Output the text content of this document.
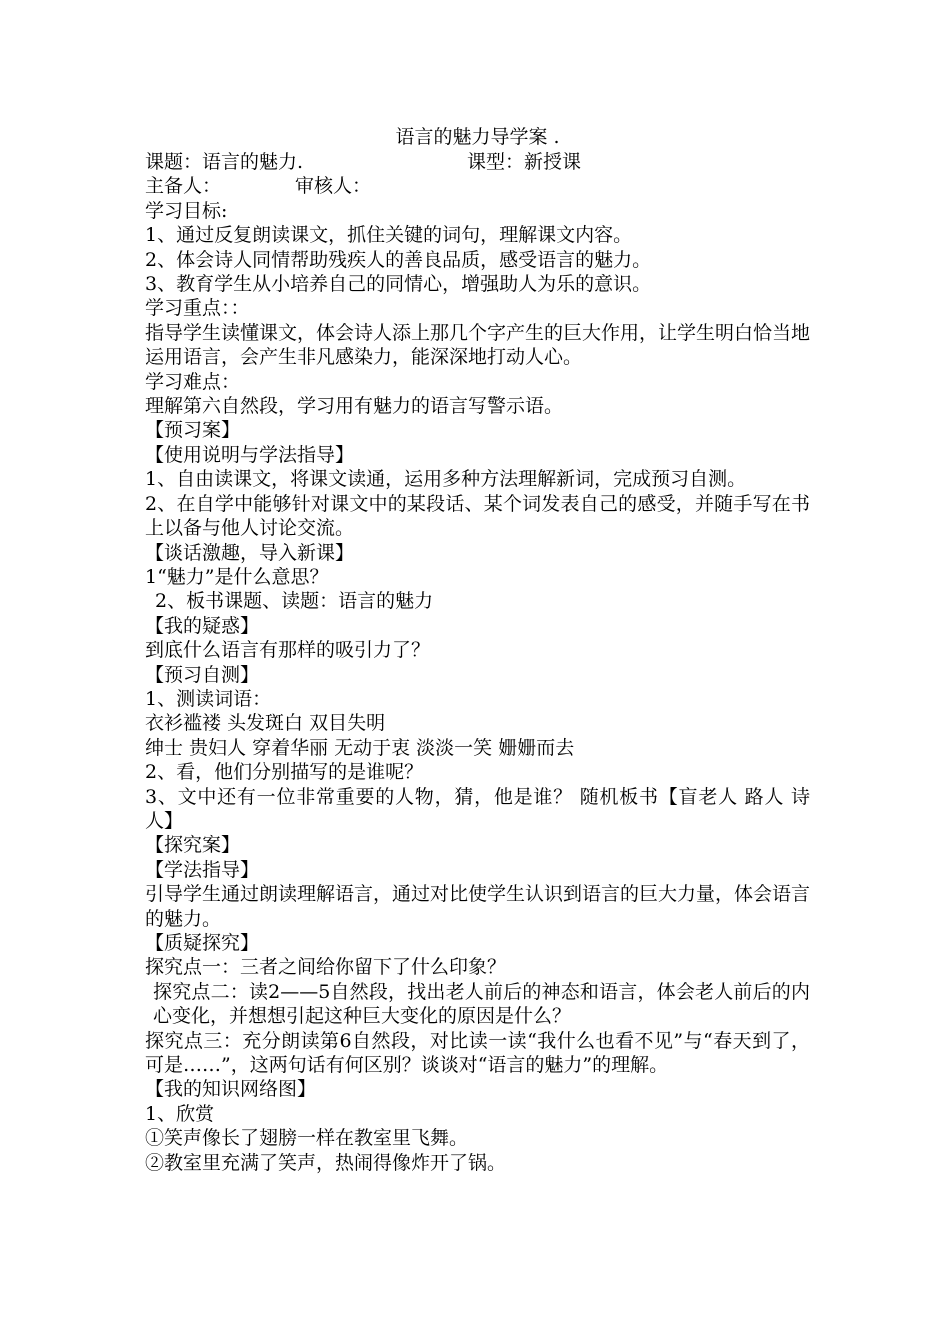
语言的魅力导学案 .
课题：语言的魅力.	课型：新授课
主备人：	审核人：
学习目标:
1、通过反复朗读课文，抓住关键的词句，理解课文内容。
2、体会诗人同情帮助残疾人的善良品质，感受语言的魅力。
3、教育学生从小培养自己的同情心，增强助人为乐的意识。
学习重点：：
指导学生读懂课文，体会诗人添上那几个字产生的巨大作用，让学生明白恰当地运用语言，会产生非凡感染力，能深深地打动人心。
学习难点：
理解第六自然段，学习用有魅力的语言写警示语。
【预习案】
【使用说明与学法指导】
1、自由读课文，将课文读通，运用多种方法理解新词，完成预习自测。
2、在自学中能够针对课文中的某段话、某个词发表自己的感受，并随手写在书上以备与他人讨论交流。
【谈话激趣，导入新课】
1“魅力”是什么意思？
2、板书课题、读题：语言的魅力
【我的疑惑】
到底什么语言有那样的吸引力了？
【预习自测】
1、测读词语：
衣衫褴褛 头发斑白 双目失明
绅士 贵妇人 穿着华丽 无动于衷 淡淡一笑 姗姗而去
2、看，他们分别描写的是谁呢？
3、文中还有一位非常重要的人物，猜，他是谁？ 随机板书【盲老人 路人 诗人】
【探究案】
【学法指导】
引导学生通过朗读理解语言，通过对比使学生认识到语言的巨大力量，体会语言的魅力。
【质疑探究】
探究点一：三者之间给你留下了什么印象？
探究点二：读2——5自然段，找出老人前后的神态和语言，体会老人前后的内心变化，并想想引起这种巨大变化的原因是什么？
探究点三：充分朗读第6自然段，对比读一读“我什么也看不见”与“春天到了，可是……”，这两句话有何区别？谈谈对“语言的魅力”的理解。
【我的知识网络图】
1、欣赏
①笑声像长了翅膀一样在教室里飞舞。
②教室里充满了笑声，热闹得像炸开了锅。
